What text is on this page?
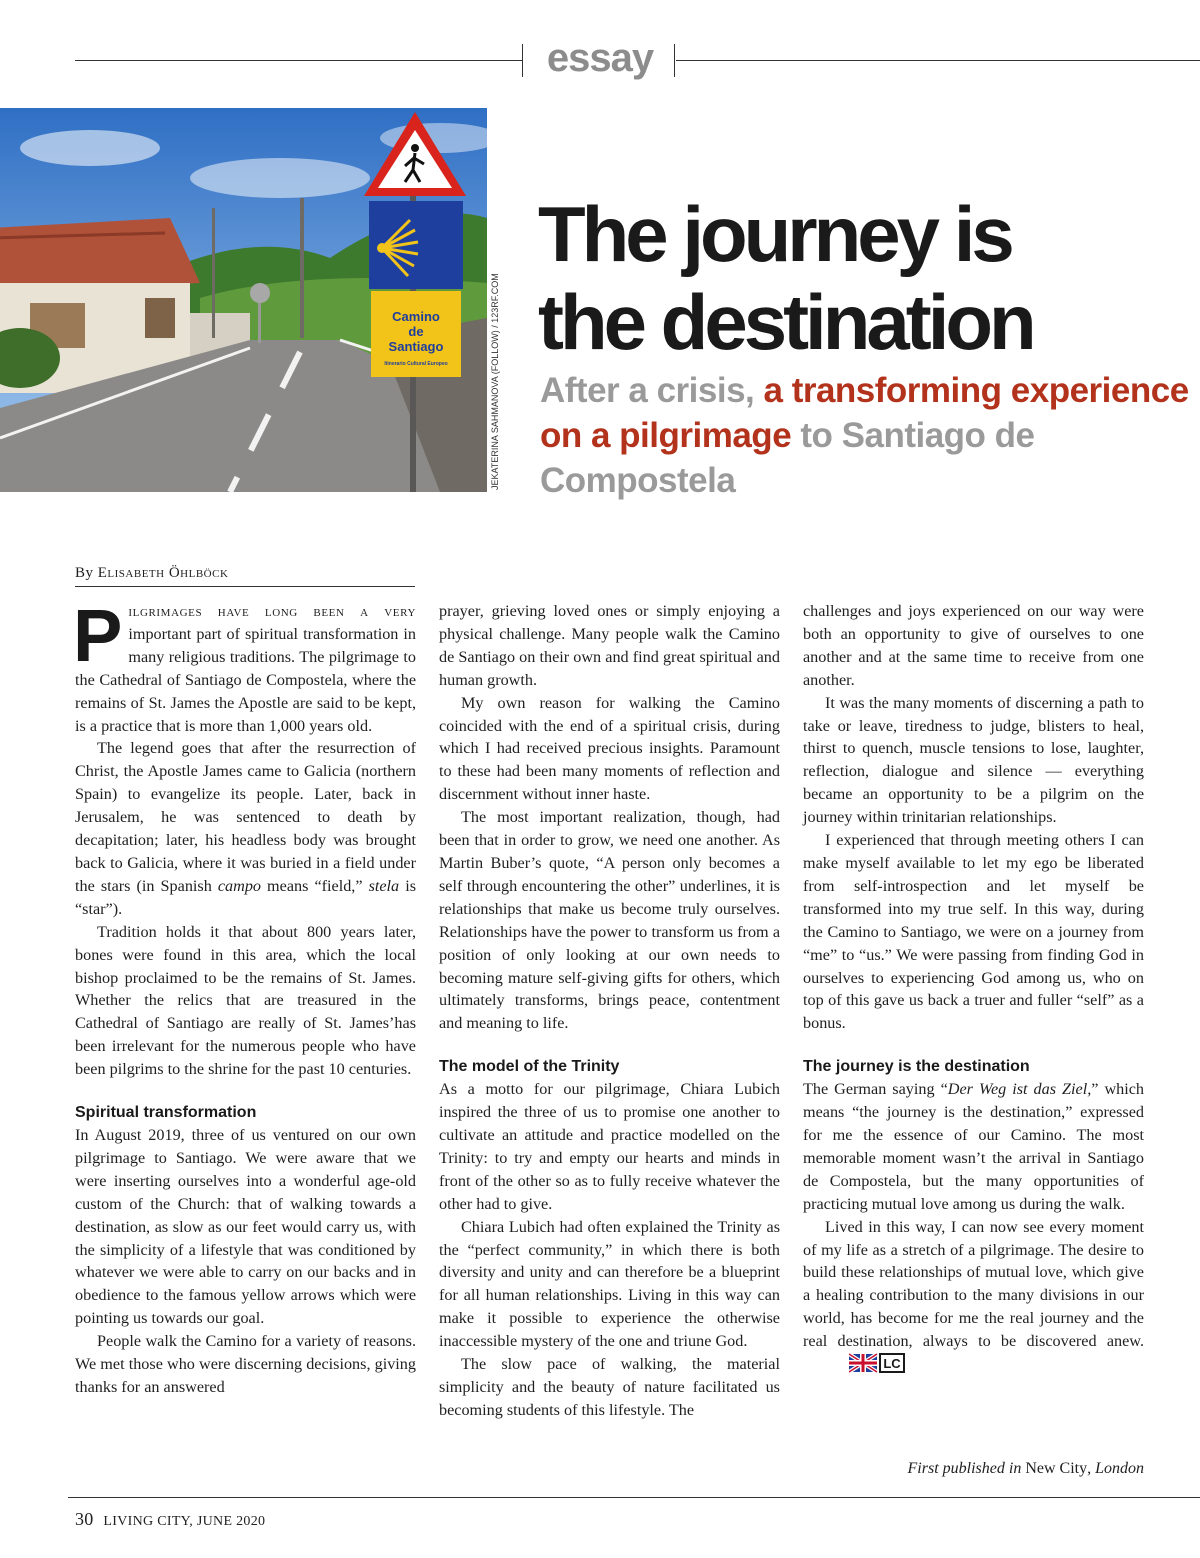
essay
Camino
de
Santiago
Itinerario Cultural Europeo	JEKATERINA SAHMANOVA (FOLLOW) / 123RF.COM
The journey is
the destination

After a crisis, a transforming experience on a pilgrimage to Santiago de Compostela

By Elisabeth Öhlböck

Pilgrimages have long been a very important part of spiritual transformation in many religious traditions. The pilgrimage to the Cathedral of Santiago de Compostela, where the remains of St. James the Apostle are said to be kept, is a practice that is more than 1,000 years old.

The legend goes that after the resurrection of Christ, the Apostle James came to Galicia (northern Spain) to evangelize its people. Later, back in Jerusalem, he was sentenced to death by decapitation; later, his headless body was brought back to Galicia, where it was buried in a field under the stars (in Spanish campo means “field,” stela is “star”).

Tradition holds it that about 800 years later, bones were found in this area, which the local bishop proclaimed to be the remains of St. James. Whether the relics that are treasured in the Cathedral of Santiago are really of St. James’has been irrelevant for the numerous people who have been pilgrims to the shrine for the past 10 centuries.

Spiritual transformation

In August 2019, three of us ventured on our own pilgrimage to Santiago. We were aware that we were inserting ourselves into a wonderful age-old custom of the Church: that of walking towards a destination, as slow as our feet would carry us, with the simplicity of a lifestyle that was conditioned by whatever we were able to carry on our backs and in obedience to the famous yellow arrows which were pointing us towards our goal.

People walk the Camino for a variety of reasons. We met those who were discerning decisions, giving thanks for an answered

prayer, grieving loved ones or simply enjoying a physical challenge. Many people walk the Camino de Santiago on their own and find great spiritual and human growth.

My own reason for walking the Camino coincided with the end of a spiritual crisis, during which I had received precious insights. Paramount to these had been many moments of reflection and discernment without inner haste.

The most important realization, though, had been that in order to grow, we need one another. As Martin Buber’s quote, “A person only becomes a self through encountering the other” underlines, it is relationships that make us become truly ourselves. Relationships have the power to transform us from a position of only looking at our own needs to becoming mature self-giving gifts for others, which ultimately transforms, brings peace, contentment and meaning to life.

The model of the Trinity

As a motto for our pilgrimage, Chiara Lubich inspired the three of us to promise one another to cultivate an attitude and practice modelled on the Trinity: to try and empty our hearts and minds in front of the other so as to fully receive whatever the other had to give.

Chiara Lubich had often explained the Trinity as the “perfect community,” in which there is both diversity and unity and can therefore be a blueprint for all human relationships. Living in this way can make it possible to experience the otherwise inaccessible mystery of the one and triune God.

The slow pace of walking, the material simplicity and the beauty of nature facilitated us becoming students of this lifestyle. The

challenges and joys experienced on our way were both an opportunity to give of ourselves to one another and at the same time to receive from one another.

It was the many moments of discerning a path to take or leave, tiredness to judge, blisters to heal, thirst to quench, muscle tensions to lose, laughter, reflection, dialogue and silence — everything became an opportunity to be a pilgrim on the journey within trinitarian relationships.

I experienced that through meeting others I can make myself available to let my ego be liberated from self-introspection and let myself be transformed into my true self. In this way, during the Camino to Santiago, we were on a journey from “me” to “us.” We were passing from finding God in ourselves to experiencing God among us, who on top of this gave us back a truer and fuller “self” as a bonus.

The journey is the destination

The German saying “Der Weg ist das Ziel,” which means “the journey is the destination,” expressed for me the essence of our Camino. The most memorable moment wasn’t the arrival in Santiago de Compostela, but the many opportunities of practicing mutual love among us during the walk.

Lived in this way, I can now see every moment of my life as a stretch of a pilgrimage. The desire to build these relationships of mutual love, which give a healing contribution to the many divisions in our world, has become for me the real journey and the real destination, always to be discovered anew.
LC

First published in New City, London
30 LIVING CITY, JUNE 2020
